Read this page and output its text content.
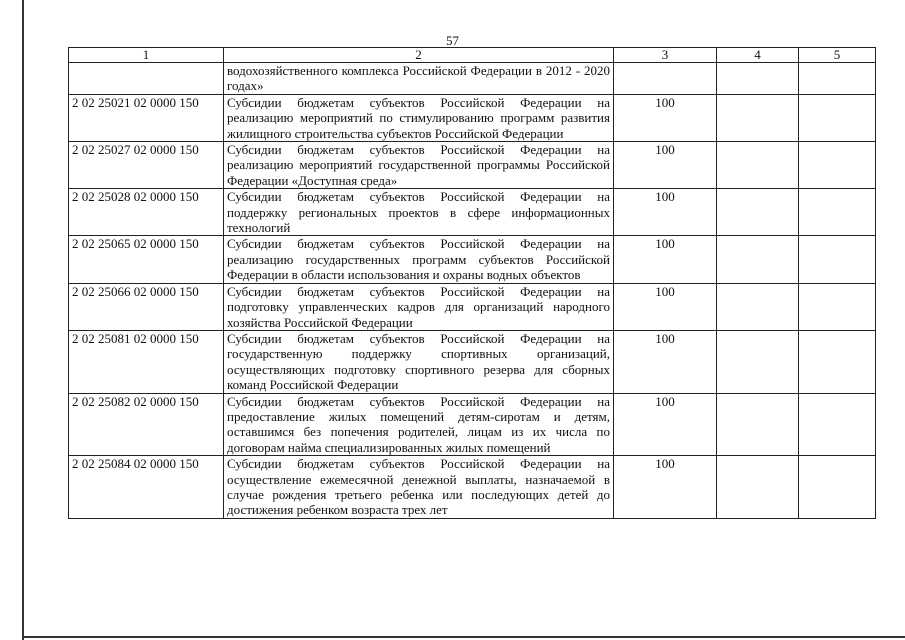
57
1	2	3	4	5
	водохозяйственного комплекса Российской Федерации в 2012 - 2020 годах»			
2 02 25021 02 0000 150	Субсидии бюджетам субъектов Российской Федерации на реализацию мероприятий по стимулированию программ развития жилищного строительства субъектов Российской Федерации	100		
2 02 25027 02 0000 150	Субсидии бюджетам субъектов Российской Федерации на реализацию мероприятий государственной программы Российской Федерации «Доступная среда»	100		
2 02 25028 02 0000 150	Субсидии бюджетам субъектов Российской Федерации на поддержку региональных проектов в сфере информационных технологий	100		
2 02 25065 02 0000 150	Субсидии бюджетам субъектов Российской Федерации на реализацию государственных программ субъектов Российской Федерации в области использования и охраны водных объектов	100		
2 02 25066 02 0000 150	Субсидии бюджетам субъектов Российской Федерации на подготовку управленческих кадров для организаций народного хозяйства Российской Федерации	100		
2 02 25081 02 0000 150	Субсидии бюджетам субъектов Российской Федерации на государственную поддержку спортивных организаций, осуществляющих подготовку спортивного резерва для сборных команд Российской Федерации	100		
2 02 25082 02 0000 150	Субсидии бюджетам субъектов Российской Федерации на предоставление жилых помещений детям-сиротам и детям, оставшимся без попечения родителей, лицам из их числа по договорам найма специализированных жилых помещений	100		
2 02 25084 02 0000 150	Субсидии бюджетам субъектов Российской Федерации на осуществление ежемесячной денежной выплаты, назначаемой в случае рождения третьего ребенка или последующих детей до достижения ребенком возраста трех лет	100		
